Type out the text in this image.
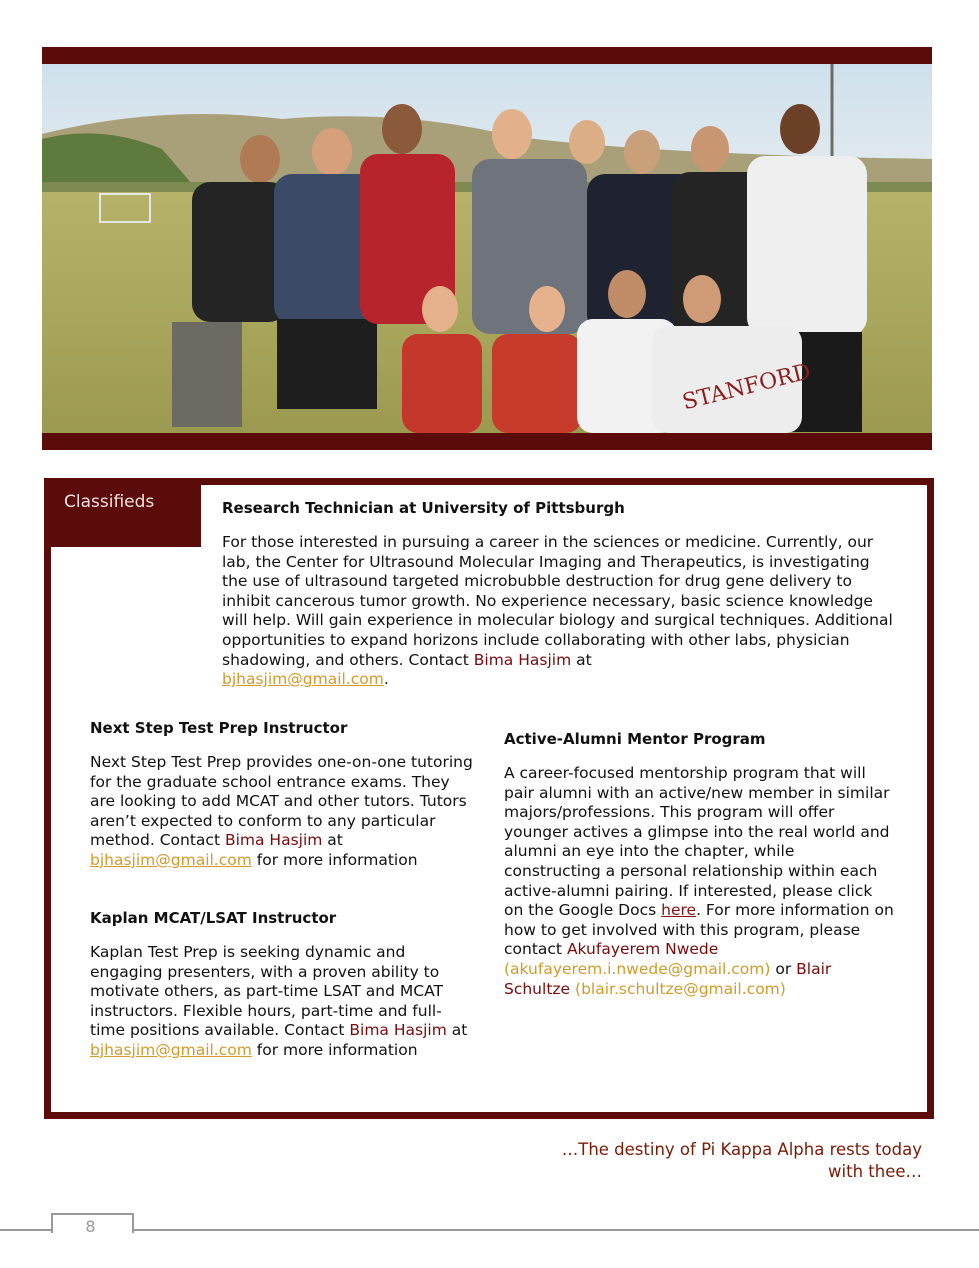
STANFORD
Classifieds	Research Technician at University of Pittsburgh
For those interested in pursuing a career in the sciences or medicine. Currently, our lab, the Center for Ultrasound Molecular Imaging and Therapeutics, is investigating the use of ultrasound targeted microbubble destruction for drug gene delivery to inhibit cancerous tumor growth. No experience necessary, basic science knowledge will help. Will gain experience in molecular biology and surgical techniques. Additional opportunities to expand horizons include collaborating with other labs, physician shadowing, and others. Contact Bima Hasjim at
bjhasjim@gmail.com.
Next Step Test Prep Instructor
Next Step Test Prep provides one-on-one tutoring for the graduate school entrance exams. They are looking to add MCAT and other tutors. Tutors aren’t expected to conform to any particular method. Contact Bima Hasjim at
bjhasjim@gmail.com for more information
Kaplan MCAT/LSAT Instructor
Kaplan Test Prep is seeking dynamic and engaging presenters, with a proven ability to motivate others, as part-time LSAT and MCAT instructors. Flexible hours, part-time and full-time positions available. Contact Bima Hasjim at
bjhasjim@gmail.com for more information
Active-Alumni Mentor Program
A career-focused mentorship program that will pair alumni with an active/new member in similar majors/professions. This program will offer younger actives a glimpse into the real world and alumni an eye into the chapter, while constructing a personal relationship within each active-alumni pairing. If interested, please click on the Google Docs here. For more information on how to get involved with this program, please contact Akufayerem Nwede
(akufayerem.i.nwede@gmail.com) or Blair Schultze (blair.schultze@gmail.com)
…The destiny of Pi Kappa Alpha rests today
with thee…
8
